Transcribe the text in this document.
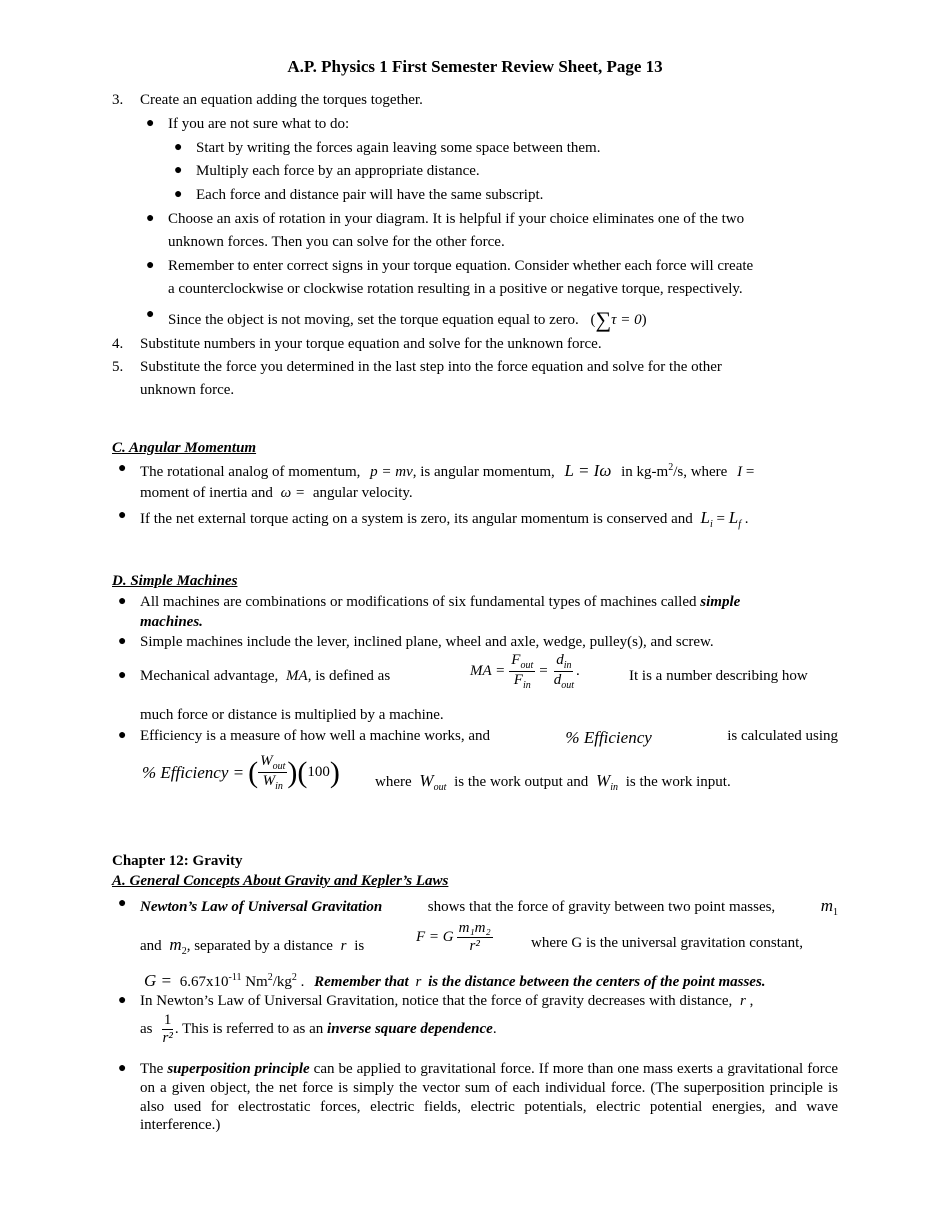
A.P. Physics 1 First Semester Review Sheet, Page 13
3. Create an equation adding the torques together.
● If you are not sure what to do:
● Start by writing the forces again leaving some space between them.
● Multiply each force by an appropriate distance.
● Each force and distance pair will have the same subscript.
● Choose an axis of rotation in your diagram. It is helpful if your choice eliminates one of the two
unknown forces. Then you can solve for the other force.
● Remember to enter correct signs in your torque equation. Consider whether each force will create
a counterclockwise or clockwise rotation resulting in a positive or negative torque, respectively.
● Since the object is not moving, set the torque equation equal to zero. (∑τ = 0)
4. Substitute numbers in your torque equation and solve for the unknown force.
5. Substitute the force you determined in the last step into the force equation and solve for the other
unknown force.
C. Angular Momentum
● The rotational analog of momentum, p = mv, is angular momentum, L = Iω in $kg-m^2/s$, where I =
moment of inertia and ω = angular velocity.
● If the net external torque acting on a system is zero, its angular momentum is conserved and $L_i = L_f$ .
D. Simple Machines
● All machines are combinations or modifications of six fundamental types of machines called simple
machines.
● Simple machines include the lever, inclined plane, wheel and axle, wedge, pulley(s), and screw.
● Mechanical advantage, MA, is defined as	MA = $\frac{F_{out}}{F_{in}} = \frac{d_{in}}{d_{out}}$ .	It is a number describing how
much force or distance is multiplied by a machine.
● Efficiency is a measure of how well a machine works, and	% Efficiency	is calculated using
% Efficiency = ( $\frac{W_{out}}{W_{in}}$ ) ( 100 ) where $W_{out}$ is the work output and $W_{in}$ is the work input.
Chapter 12: Gravity
A. General Concepts About Gravity and Kepler’s Laws
● Newton’s Law of Universal Gravitation	shows that the force of gravity between two point masses,	$m_1$
and $m_2$, separated by a distance r is
F = G $\frac{\text{m₁m₂}}{\text{r²}}$	where G is the universal gravitation constant,
$G = 6.67x10^{-11}$ $Nm^2/kg^2$ . Remember that r is the distance between the centers of the point masses.
● In Newton’s Law of Universal Gravitation, notice that the force of gravity decreases with distance, r ,
as $\frac{1}{\text{r²}}$ . This is referred to as an
inverse square dependence .
● The superposition principle can be applied to gravitational force. If more than one mass exerts a gravitational force on a given object, the net force is simply the vector sum of each individual force. (The superposition principle is also used for electrostatic forces, electric fields, electric potentials, electric potential energies, and wave interference.)
